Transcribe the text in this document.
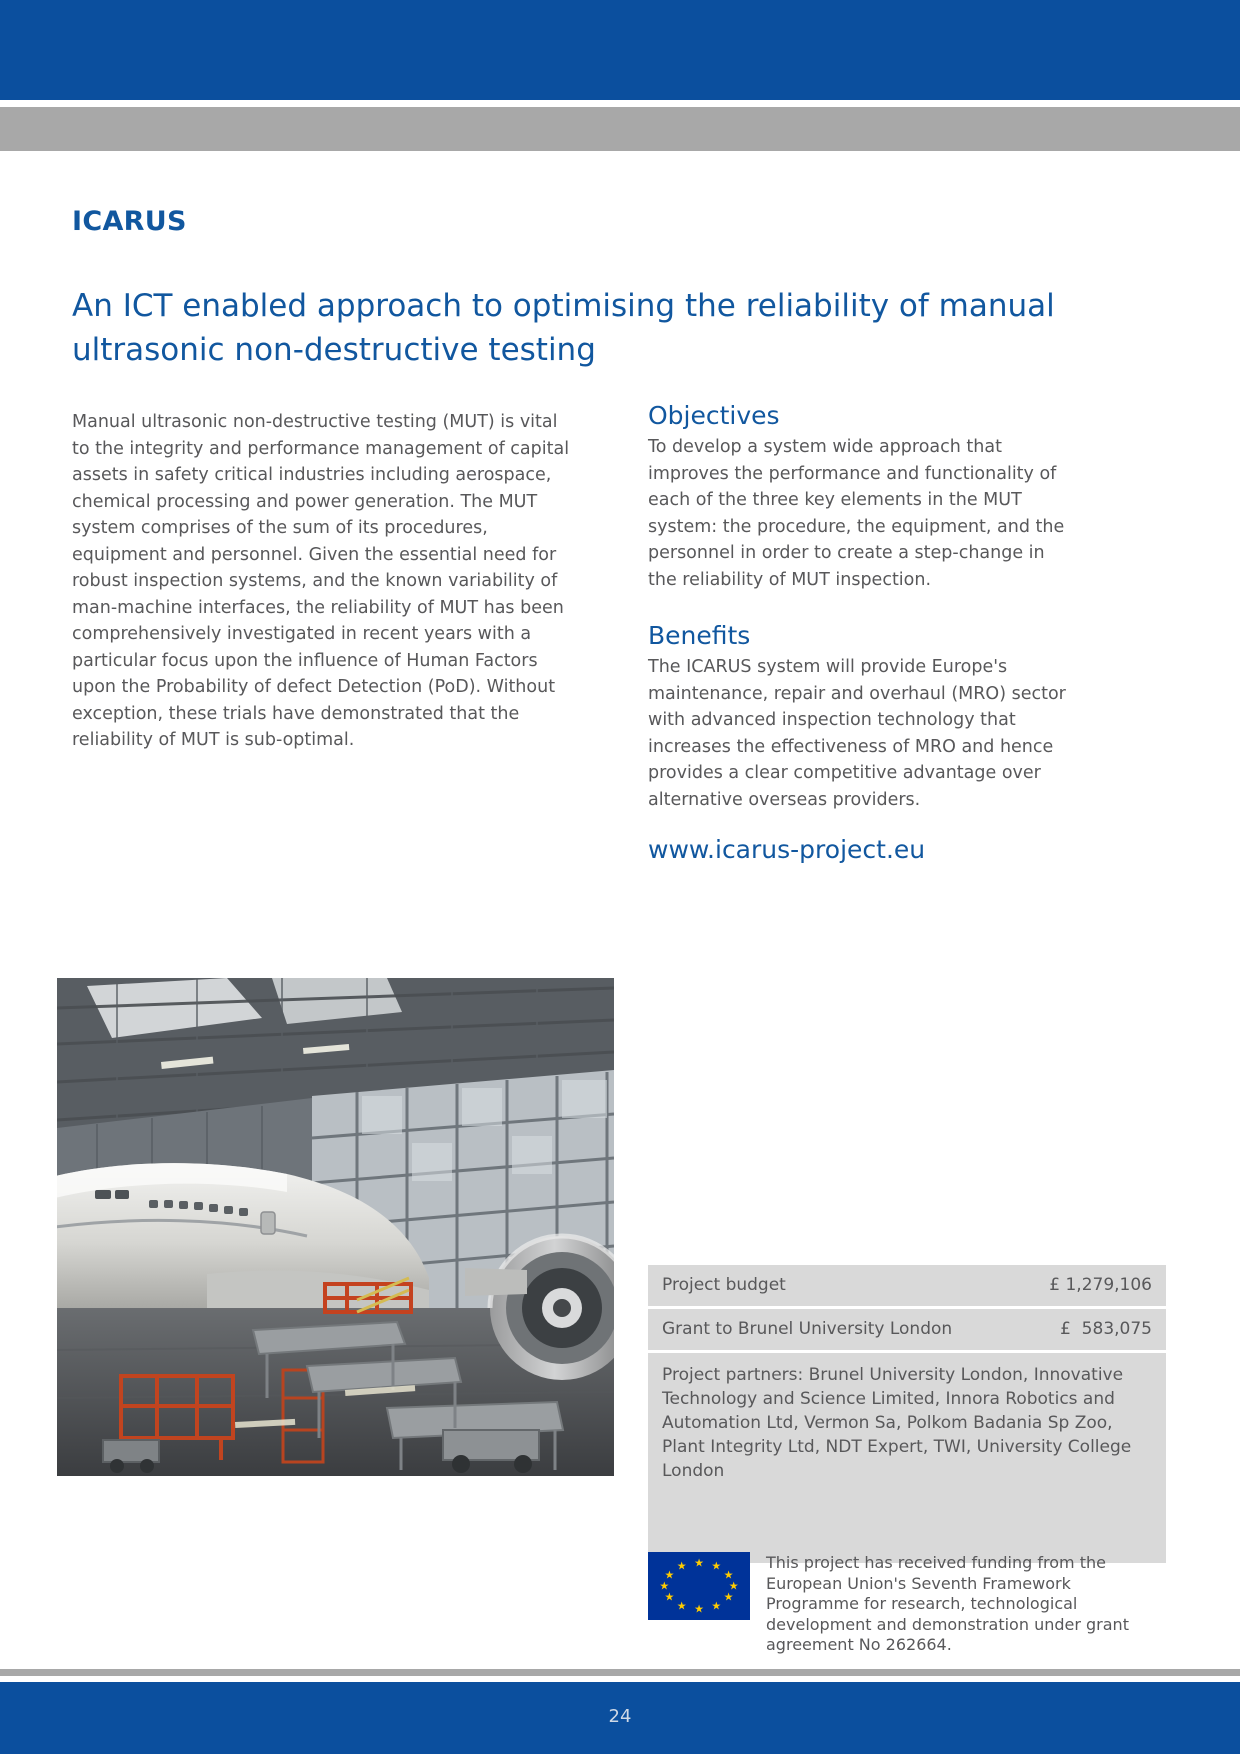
ICARUS
An ICT enabled approach to optimising the reliability of manual ultrasonic non-destructive testing

Manual ultrasonic non-destructive testing (MUT) is vital to the integrity and performance management of capital assets in safety critical industries including aerospace, chemical processing and power generation. The MUT system comprises of the sum of its procedures, equipment and personnel. Given the essential need for robust inspection systems, and the known variability of man-machine interfaces, the reliability of MUT has been comprehensively investigated in recent years with a particular focus upon the influence of Human Factors upon the Probability of defect Detection (PoD). Without exception, these trials have demonstrated that the reliability of MUT is sub-optimal.

Objectives

To develop a system wide approach that improves the performance and functionality of each of the three key elements in the MUT system: the procedure, the equipment, and the personnel in order to create a step-change in the reliability of MUT inspection.

Benefits

The ICARUS system will provide Europe's maintenance, repair and overhaul (MRO) sector with advanced inspection technology that increases the effectiveness of MRO and hence provides a clear competitive advantage over alternative overseas providers.

www.icarus-project.eu
Project budget	£ 1,279,106
Grant to Brunel University London	£  583,075
Project partners: Brunel University London, Innovative Technology and Science Limited, Innora Robotics and Automation Ltd, Vermon Sa, Polkom Badania Sp Zoo, Plant Integrity Ltd, NDT Expert, TWI, University College London
★ ★
★
★
★
★
★
★
★
★
★
★	This project has received funding from the European Union's Seventh Framework Programme for research, technological development and demonstration under grant agreement No 262664.
24
